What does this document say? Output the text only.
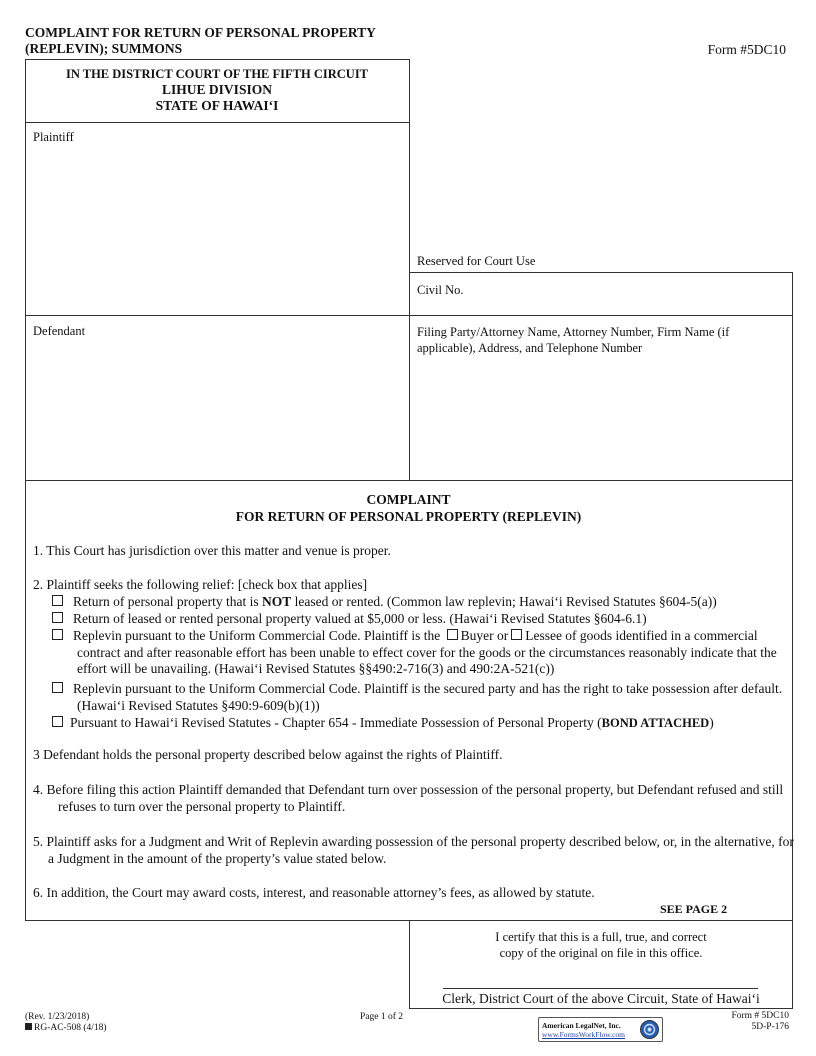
COMPLAINT FOR RETURN OF PERSONAL PROPERTY
(REPLEVIN); SUMMONS	Form #5DC10
IN THE DISTRICT COURT OF THE FIFTH CIRCUIT
LIHUE DIVISION
STATE OF HAWAI‘I
Plaintiff
Defendant
Reserved for Court Use
Civil No.
Filing Party/Attorney Name, Attorney Number, Firm Name (if applicable), Address, and Telephone Number
COMPLAINT
FOR RETURN OF PERSONAL PROPERTY (REPLEVIN)
1. This Court has jurisdiction over this matter and venue is proper.
2. Plaintiff seeks the following relief: [check box that applies]
Return of personal property that is NOT leased or rented. (Common law replevin; Hawai‘i Revised Statutes §604-5(a))
Return of leased or rented personal property valued at $5,000 or less. (Hawai‘i Revised Statutes §604-6.1)
Replevin pursuant to the Uniform Commercial Code. Plaintiff is the Buyer or Lessee of goods identified in a commercial contract and after reasonable effort has been unable to effect cover for the goods or the circumstances reasonably indicate that the effort will be unavailing. (Hawai‘i Revised Statutes §§490:2-716(3) and 490:2A-521(c))
Replevin pursuant to the Uniform Commercial Code. Plaintiff is the secured party and has the right to take possession after default. (Hawai‘i Revised Statutes §490:9-609(b)(1))
Pursuant to Hawai‘i Revised Statutes - Chapter 654 - Immediate Possession of Personal Property (BOND ATTACHED)
3 Defendant holds the personal property described below against the rights of Plaintiff.
4. Before filing this action Plaintiff demanded that Defendant turn over possession of the personal property, but Defendant refused and still refuses to turn over the personal property to Plaintiff.
5. Plaintiff asks for a Judgment and Writ of Replevin awarding possession of the personal property described below, or, in the alternative, for a Judgment in the amount of the property’s value stated below.
6. In addition, the Court may award costs, interest, and reasonable attorney’s fees, as allowed by statute.
SEE PAGE 2
I certify that this is a full, true, and correct
copy of the original on file in this office.
Clerk, District Court of the above Circuit, State of Hawai‘i
(Rev. 1/23/2018)
RG-AC-508 (4/18)
Page 1 of 2	Form # 5DC10
5D-P-176
American LegalNet, Inc.
www.FormsWorkFlow.com
